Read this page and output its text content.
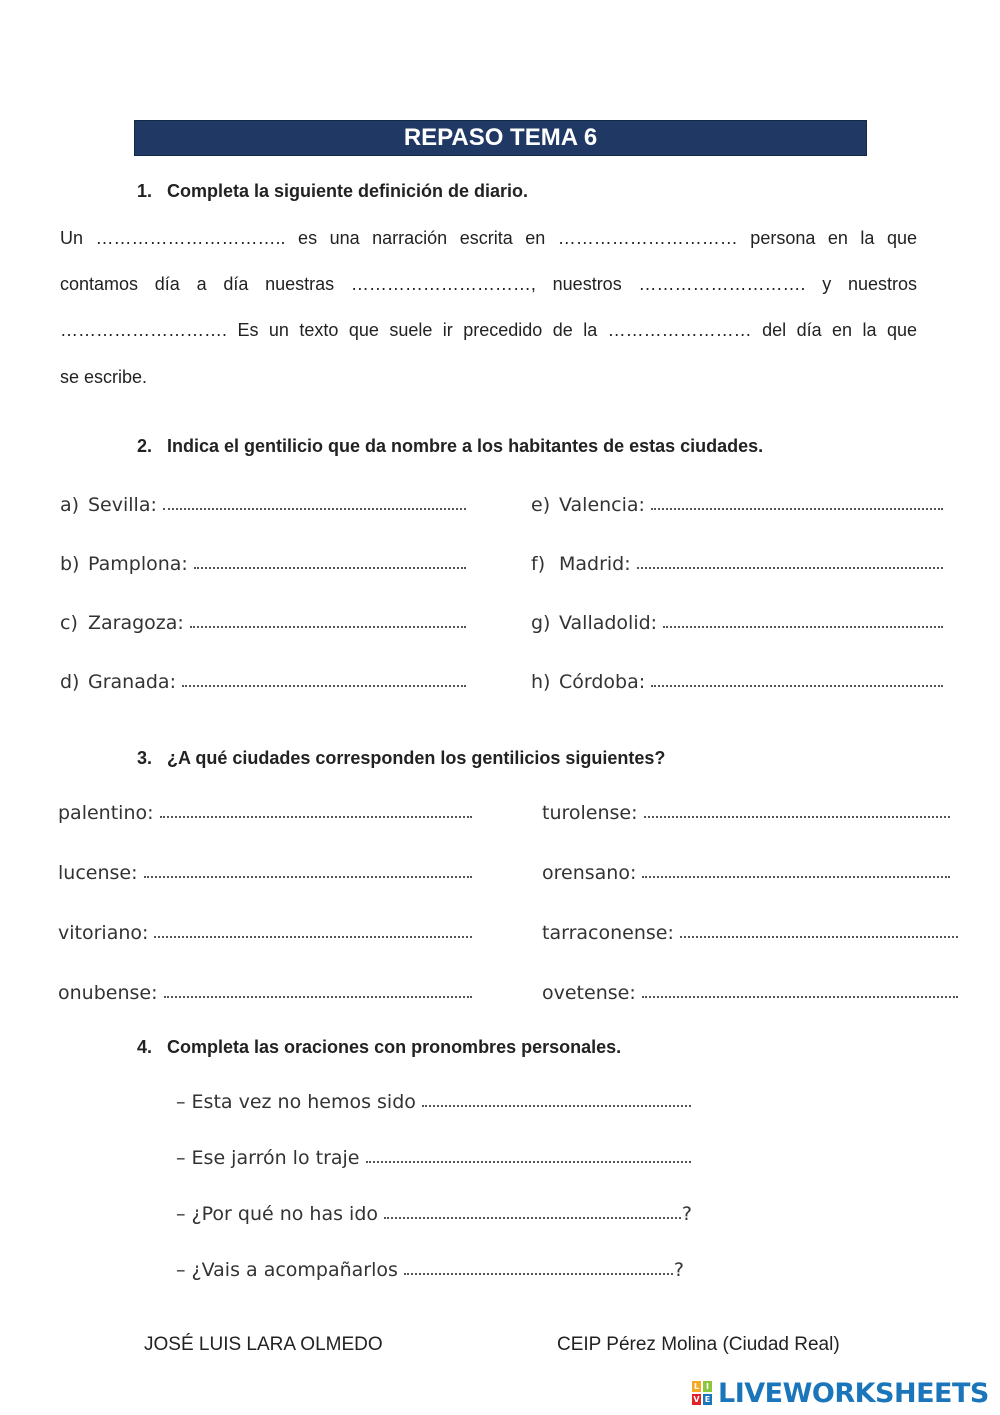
REPASO TEMA 6
1. Completa la siguiente definición de diario.
Un ………………………….. es una narración escrita en ………………………… persona en la que
contamos día a día nuestras …………………………, nuestros ………………………. y nuestros
………………………. Es un texto que suele ir precedido de la …………………… del día en la que
se escribe.
2. Indica el gentilicio que da nombre a los habitantes de estas ciudades.
a) Sevilla:
b) Pamplona:
c) Zaragoza:
d) Granada:
e) Valencia:
f) Madrid:
g) Valladolid:
h) Córdoba:
3. ¿A qué ciudades corresponden los gentilicios siguientes?
palentino:
lucense:
vitoriano:
onubense:
turolense:
orensano:
tarraconense:
ovetense:
4. Completa las oraciones con pronombres personales.
– Esta vez no hemos sido
– Ese jarrón lo traje
– ¿Por qué no has ido	?
– ¿Vais a acompañarlos	?
JOSÉ LUIS LARA OLMEDO	CEIP Pérez Molina (Ciudad Real)
L I
V E LIVEWORKSHEETS
